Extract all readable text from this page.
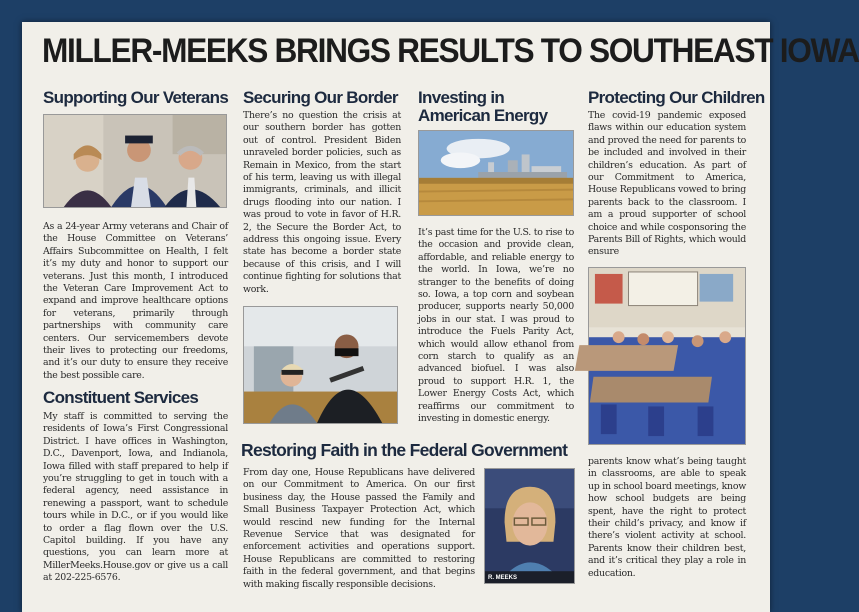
MILLER-MEEKS BRINGS RESULTS TO SOUTHEAST IOWA
Supporting Our Veterans
As a 24-year Army veterans and Chair of the House Committee on Veterans’ Affairs Subcommittee on Health, I felt it’s my duty and honor to support our veterans. Just this month, I introduced the Veteran Care Improvement Act to expand and improve healthcare options for veterans, primarily through partnerships with community care centers. Our servicemembers devote their lives to protecting our freedoms, and it’s our duty to ensure they receive the best possible care.
Constituent Services
My staff is committed to serving the residents of Iowa’s First Congressional District. I have offices in Washington, D.C., Davenport, Iowa, and Indianola, Iowa filled with staff prepared to help if you’re struggling to get in touch with a federal agency, need assistance in renewing a passport, want to schedule tours while in D.C., or if you would like to order a flag flown over the U.S. Capitol building. If you have any questions, you can learn more at MillerMeeks.House.gov or give us a call at 202-225-6576.
Securing Our Border
There’s no question the crisis at our southern border has gotten out of control. President Biden unraveled border policies, such as Remain in Mexico, from the start of his term, leaving us with illegal immigrants, criminals, and illicit drugs flooding into our nation. I was proud to vote in favor of H.R. 2, the Secure the Border Act, to address this ongoing issue. Every state has become a border state because of this crisis, and I will continue fighting for solutions that work.
Investing in
American Energy
It’s past time for the U.S. to rise to the occasion and provide clean, affordable, and reliable energy to the world. In Iowa, we’re no stranger to the benefits of doing so. Iowa, a top corn and soybean producer, supports nearly 50,000 jobs in our stat. I was proud to introduce the Fuels Parity Act, which would allow ethanol from corn starch to qualify as an advanced biofuel. I was also proud to support H.R. 1, the Lower Energy Costs Act, which reaffirms our commitment to investing in domestic energy.
Protecting Our Children
The covid-19 pandemic exposed flaws within our education system and proved the need for parents to be included and involved in their children’s education. As part of our Commitment to America, House Republicans vowed to bring parents back to the classroom. I am a proud supporter of school choice and while cosponsoring the Parents Bill of Rights, which would ensure
parents know what’s being taught in classrooms, are able to speak up in school board meetings, know how school budgets are being spent, have the right to protect their child’s privacy, and know if there’s violent activity at school. Parents know their children best, and it’s critical they play a role in education.
Restoring Faith in the Federal Government
From day one, House Republicans have delivered on our Commitment to America. On our first business day, the House passed the Family and Small Business Taxpayer Protection Act, which would rescind new funding for the Internal Revenue Service that was designated for enforcement activities and operations support. House Republicans are committed to restoring faith in the federal government, and that begins with making fiscally responsible decisions.
R. MEEKS
